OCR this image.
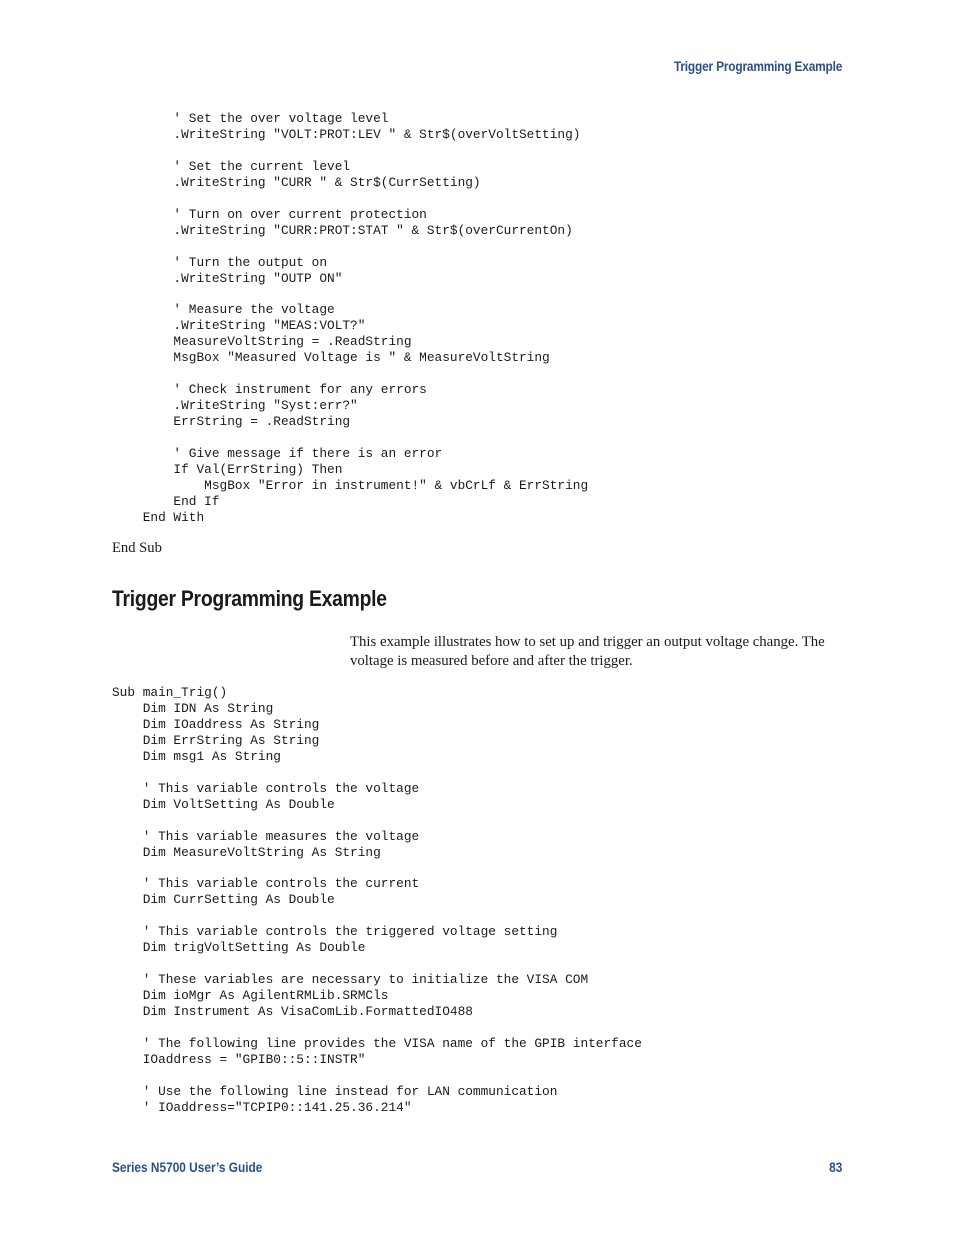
Trigger Programming Example
' Set the over voltage level
.WriteString "VOLT:PROT:LEV " & Str$(overVoltSetting)

' Set the current level
.WriteString "CURR " & Str$(CurrSetting)

' Turn on over current protection
.WriteString "CURR:PROT:STAT " & Str$(overCurrentOn)

' Turn the output on
.WriteString "OUTP ON"

' Measure the voltage
.WriteString "MEAS:VOLT?"
MeasureVoltString = .ReadString
MsgBox "Measured Voltage is " & MeasureVoltString

' Check instrument for any errors
.WriteString "Syst:err?"
ErrString = .ReadString

' Give message if there is an error
If Val(ErrString) Then
MsgBox "Error in instrument!" & vbCrLf & ErrString
End If
End With
End Sub
Trigger Programming Example

This example illustrates how to set up and trigger an output voltage change. The voltage is measured before and after the trigger.

Sub main_Trig()
Dim IDN As String
Dim IOaddress As String
Dim ErrString As String
Dim msg1 As String

' This variable controls the voltage
Dim VoltSetting As Double

' This variable measures the voltage
Dim MeasureVoltString As String

' This variable controls the current
Dim CurrSetting As Double

' This variable controls the triggered voltage setting
Dim trigVoltSetting As Double

' These variables are necessary to initialize the VISA COM
Dim ioMgr As AgilentRMLib.SRMCls
Dim Instrument As VisaComLib.FormattedIO488

' The following line provides the VISA name of the GPIB interface
IOaddress = "GPIB0::5::INSTR"

' Use the following line instead for LAN communication
' IOaddress="TCPIP0::141.25.36.214"
Series N5700 User’s Guide	83
